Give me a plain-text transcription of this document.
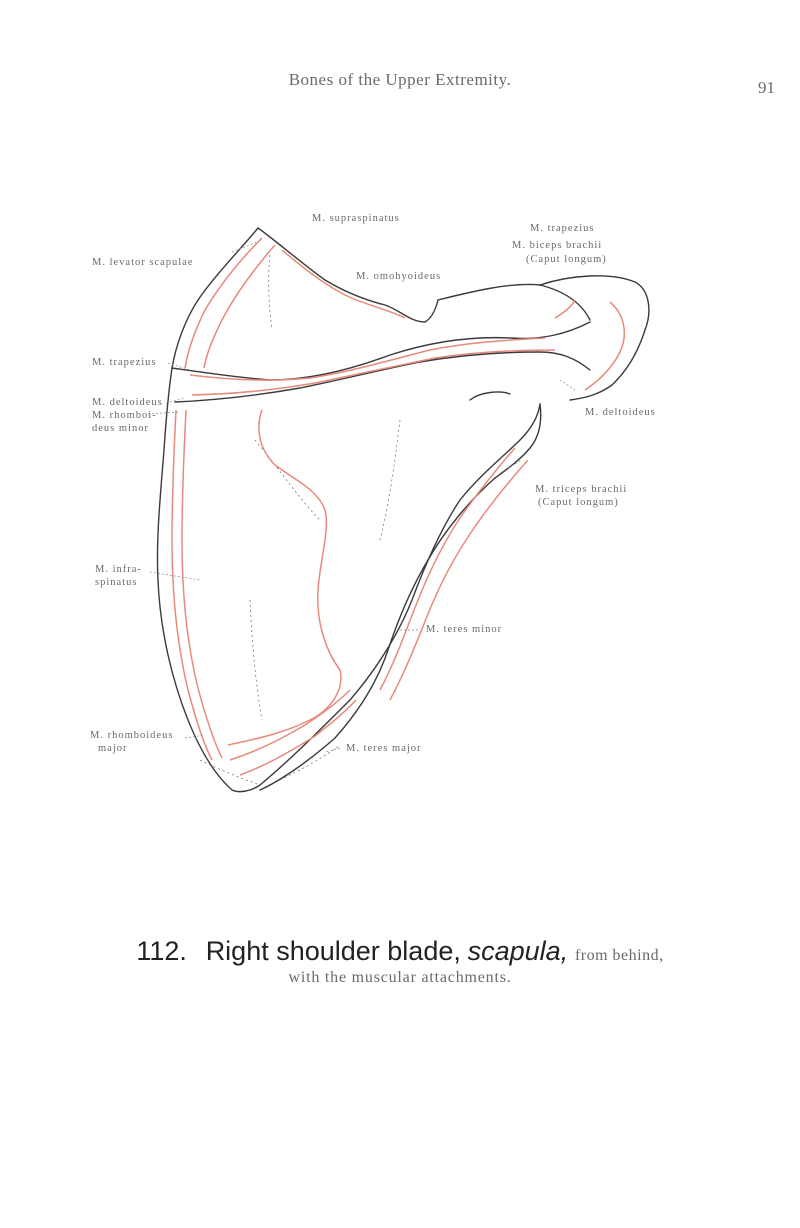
Bones of the Upper Extremity.	91
M. supraspinatus
M. trapezius
M. biceps brachii
(Caput longum)
M. levator scapulae
M. omohyoideus
M. trapezius
M. deltoideus
M. rhomboi-
deus minor
M. deltoideus
M. triceps brachii
(Caput longum)
M. infra-
spinatus
M. teres minor
M. rhomboideus
major	M. teres major
112. Right shoulder blade, scapula, from behind,
with the muscular attachments.
